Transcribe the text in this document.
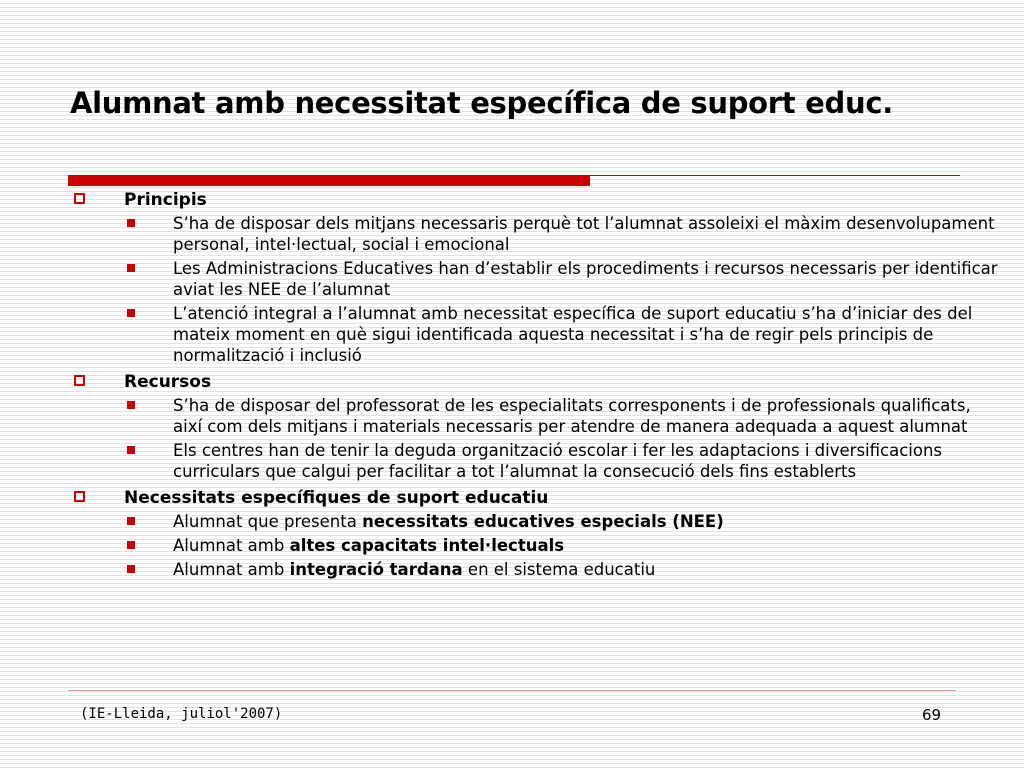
Alumnat amb necessitat específica de suport educ.
Principis
S’ha de disposar dels mitjans necessaris perquè tot l’alumnat assoleixi el màxim desenvolupament personal, intel·lectual, social i emocional
Les Administracions Educatives han d’establir els procediments i recursos necessaris per identificar aviat les NEE de l’alumnat
L’atenció integral a l’alumnat amb necessitat específica de suport educatiu s’ha d’iniciar des del mateix moment en què sigui identificada aquesta necessitat i s’ha de regir pels principis de normalització i inclusió
Recursos
S’ha de disposar del professorat de les especialitats corresponents i de professionals qualificats, així com dels mitjans i materials necessaris per atendre de manera adequada a aquest alumnat
Els centres han de tenir la deguda organització escolar i fer les adaptacions i diversificacions curriculars que calgui per facilitar a tot l’alumnat la consecució dels fins establerts
Necessitats específiques de suport educatiu
Alumnat que presenta necessitats educatives especials (NEE)
Alumnat amb altes capacitats intel·lectuals
Alumnat amb integració tardana en el sistema educatiu
(IE-Lleida, juliol'2007)	69
